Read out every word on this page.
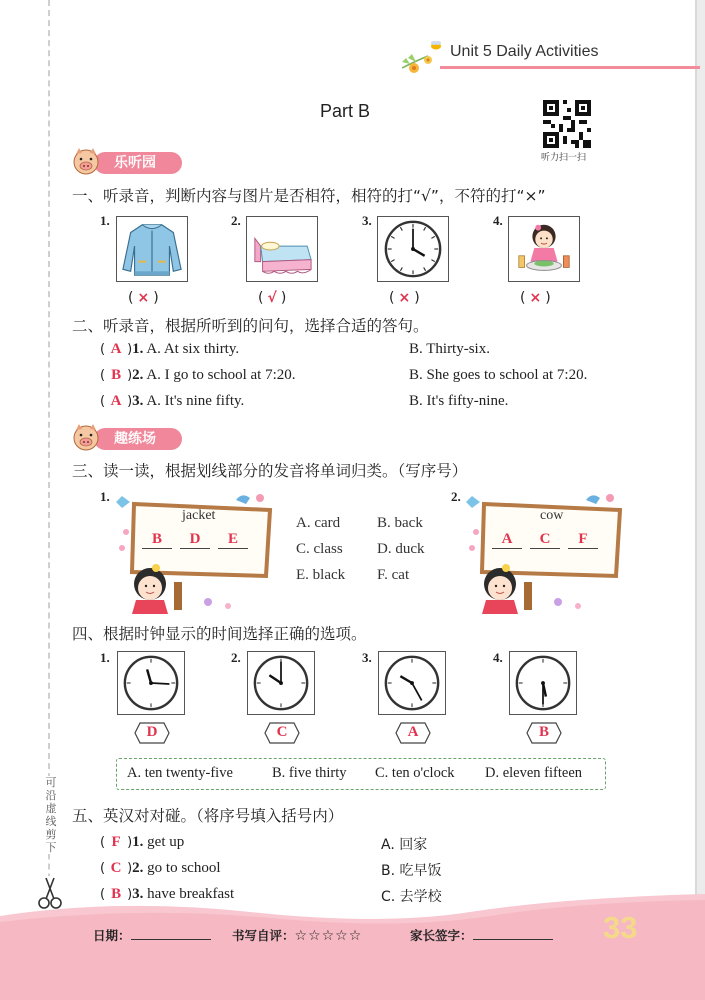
Unit 5 Daily Activities
Part B
听力扫一扫
可沿虚线剪下
乐听园
一、听录音，判断内容与图片是否相符，相符的打“√”，不符的打“×”
1.
( × )
2.
( √ )
3.
( × )
4.
( × )
二、听录音，根据所听到的问句，选择合适的答句。
( A )1. A. At six thirty.	B. Thirty-six.
( B )2. A. I go to school at 7:20.	B. She goes to school at 7:20.
( A )3. A. It's nine fifty.	B. It's fifty-nine.
趣练场
三、读一读，根据划线部分的发音将单词归类。（写序号）
1.
jacket
B	D	E
A. card B. back
C. class D. duck
E. black F. cat
2.
cow
A	C	F
四、根据时钟显示的时间选择正确的选项。
1.
D
2.
C
3.
A
4.
B
A. ten twenty-five	B. five thirty C. ten o'clock D. eleven fifteen
五、英汉对对碰。（将序号填入括号内）
( F )1. get up	A. 回家
( C )2. go to school	B. 吃早饭
( B )3. have breakfast	C. 去学校
日期：	书写自评：☆☆☆☆☆	家长签字：	33
